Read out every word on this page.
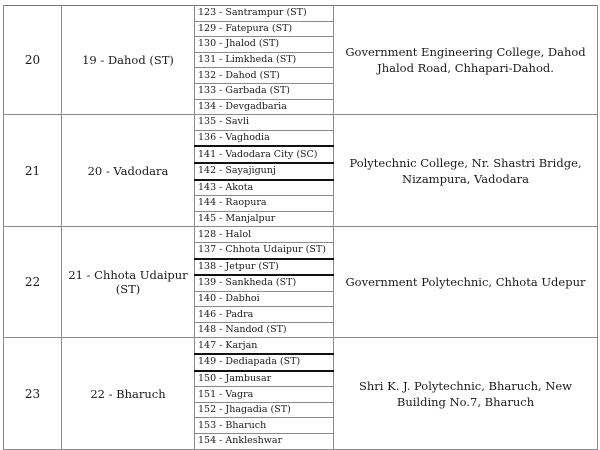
20	19 - Dahod (ST)	123 - Santrampur (ST)	Government Engineering College, Dahod Jhalod Road, Chhapari-Dahod.
		129 - Fatepura (ST)	
		130 - Jhalod (ST)	
		131 - Limkheda (ST)	
		132 - Dahod (ST)	
		133 - Garbada (ST)	
		134 - Devgadbaria	
21	20 - Vadodara	135 - Savli	Polytechnic College, Nr. Shastri Bridge, Nizampura, Vadodara
		136 - Vaghodia	
		141 - Vadodara City (SC)	
		142 - Sayajigunj	
		143 - Akota	
		144 - Raopura	
		145 - Manjalpur	
22	21 - Chhota Udaipur (ST)	128 - Halol	Government Polytechnic, Chhota Udepur
		137 - Chhota Udaipur (ST)	
		138 - Jetpur (ST)	
		139 - Sankheda (ST)	
		140 - Dabhoi	
		146 - Padra	
		148 - Nandod (ST)	
23	22 - Bharuch	147 - Karjan	Shri K. J. Polytechnic, Bharuch, New Building No.7, Bharuch
		149 - Dediapada (ST)	
		150 - Jambusar	
		151 - Vagra	
		152 - Jhagadia (ST)	
		153 - Bharuch	
		154 - Ankleshwar	
